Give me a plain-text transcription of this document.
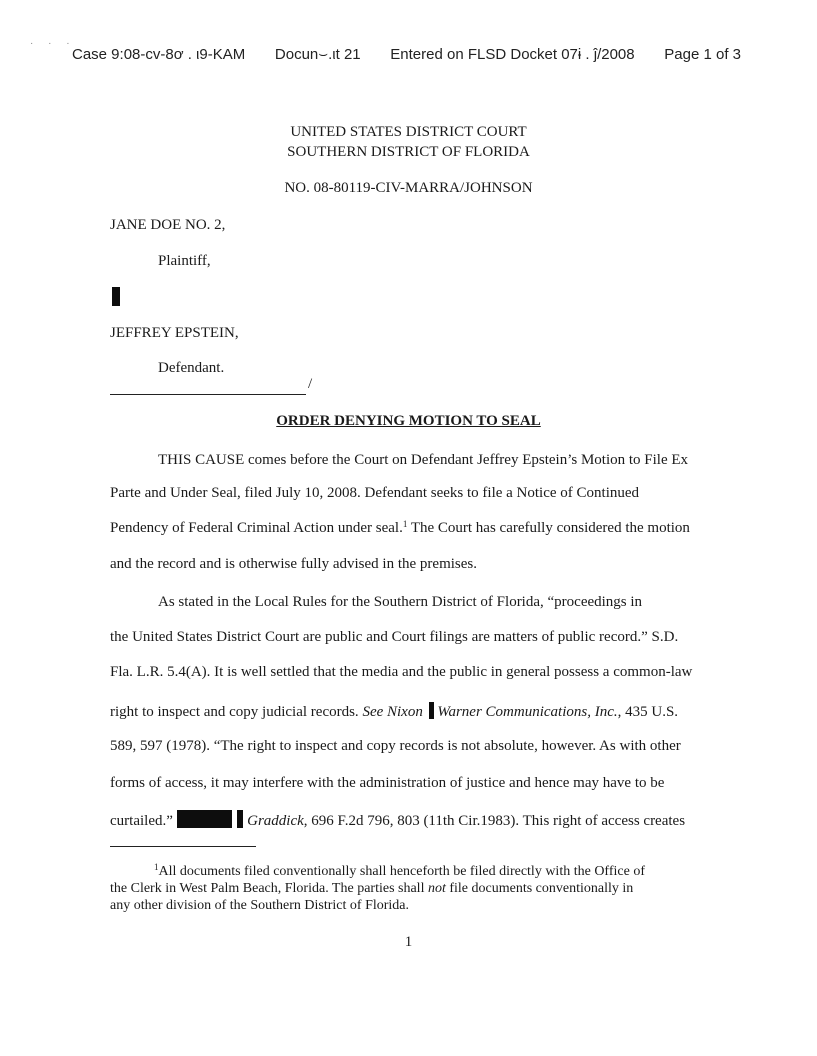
· · ·
Case 9:08-cv-8ơ . ι9-KAM Docun⌣.ιt 21 Entered on FLSD Docket 07ɨ . ĵ/2008 Page 1 of 3
UNITED STATES DISTRICT COURT
SOUTHERN DISTRICT OF FLORIDA
NO. 08-80119-CIV-MARRA/JOHNSON
JANE DOE NO. 2,
Plaintiff,
JEFFREY EPSTEIN,
Defendant.
/
ORDER DENYING MOTION TO SEAL
THIS CAUSE comes before the Court on Defendant Jeffrey Epstein’s Motion to File Ex
Parte and Under Seal, filed July 10, 2008. Defendant seeks to file a Notice of Continued
Pendency of Federal Criminal Action under seal.$^1$ The Court has carefully considered the motion
and the record and is otherwise fully advised in the premises.
As stated in the Local Rules for the Southern District of Florida, “proceedings in
the United States District Court are public and Court filings are matters of public record.” S.D.
Fla. L.R. 5.4(A). It is well settled that the media and the public in general possess a common-law
right to inspect and copy judicial records. See Nixon  Warner Communications, Inc., 435 U.S.
589, 597 (1978). “The right to inspect and copy records is not absolute, however. As with other
forms of access, it may interfere with the administration of justice and hence may have to be
curtailed.”	Graddick, 696 F.2d 796, 803 (11th Cir.1983). This right of access creates
$^1$All documents filed conventionally shall henceforth be filed directly with the Office of

the Clerk in West Palm Beach, Florida. The parties shall not file documents conventionally in
any other division of the Southern District of Florida.
1
